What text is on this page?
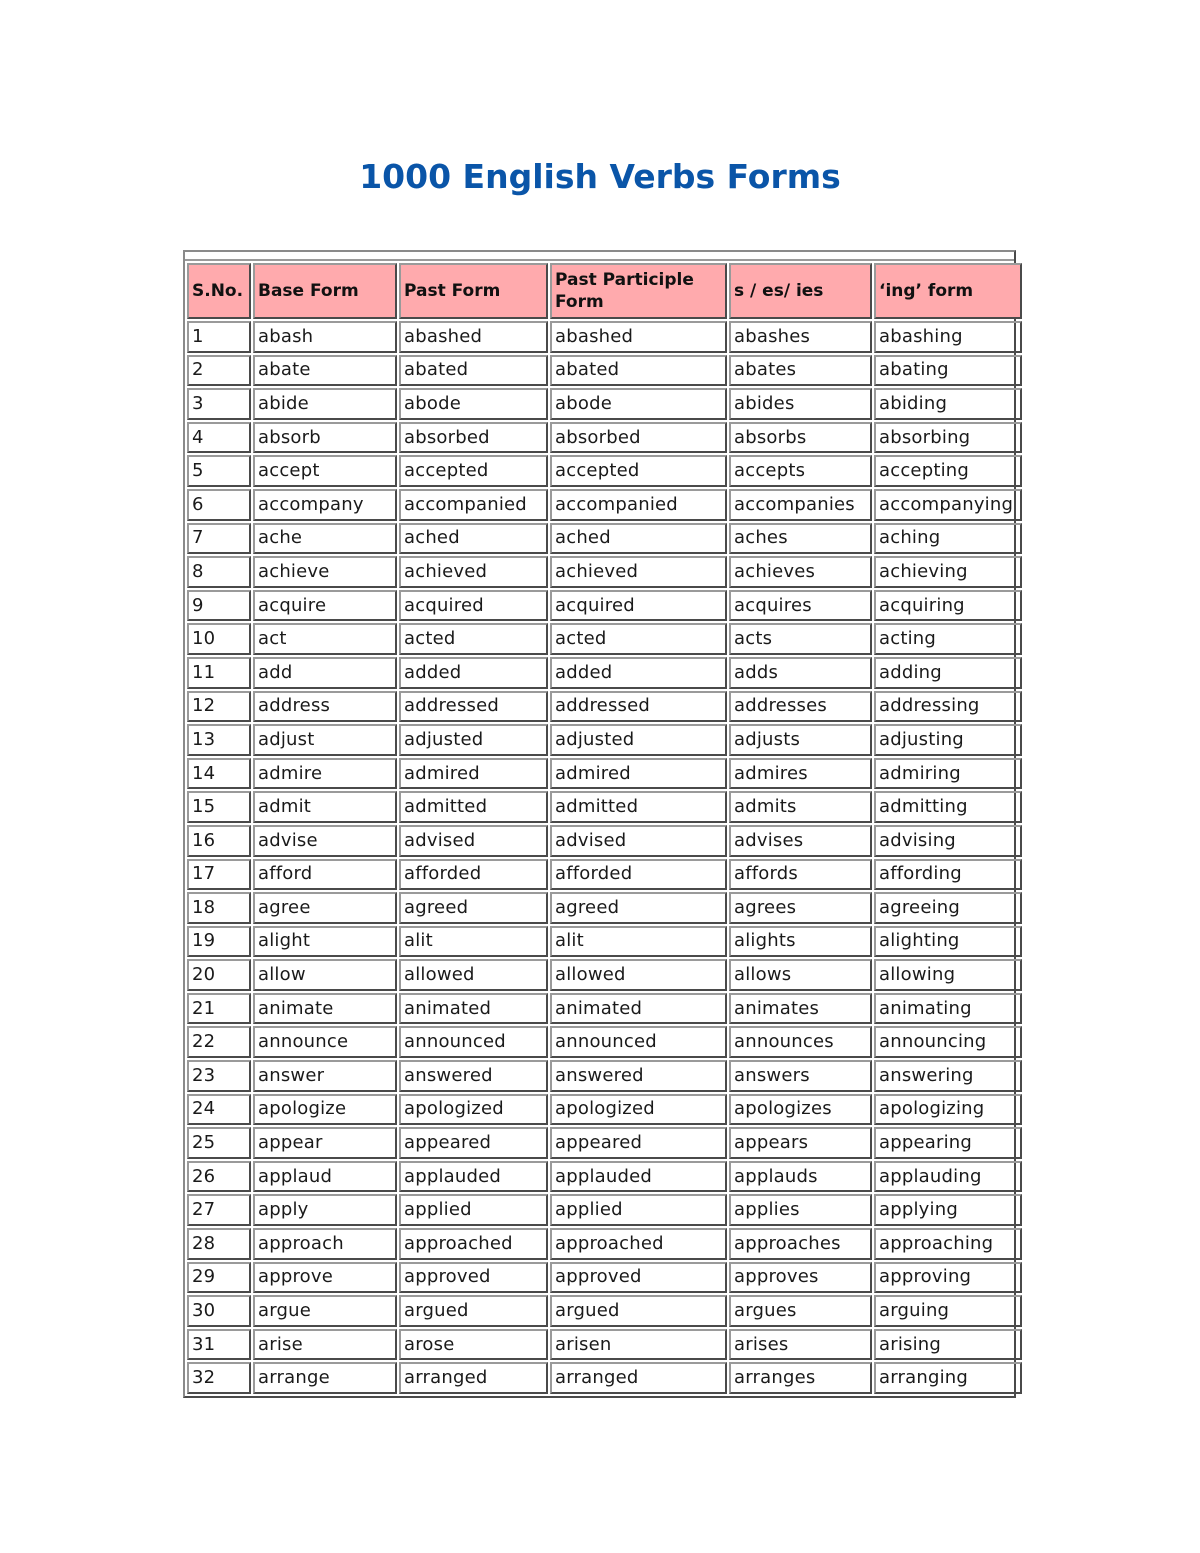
1000 English Verbs Forms
S.No.	Base Form	Past Form	Past Participle Form	s / es/ ies	‘ing’ form
1	abash	abashed	abashed	abashes	abashing
2	abate	abated	abated	abates	abating
3	abide	abode	abode	abides	abiding
4	absorb	absorbed	absorbed	absorbs	absorbing
5	accept	accepted	accepted	accepts	accepting
6	accompany	accompanied	accompanied	accompanies	accompanying
7	ache	ached	ached	aches	aching
8	achieve	achieved	achieved	achieves	achieving
9	acquire	acquired	acquired	acquires	acquiring
10	act	acted	acted	acts	acting
11	add	added	added	adds	adding
12	address	addressed	addressed	addresses	addressing
13	adjust	adjusted	adjusted	adjusts	adjusting
14	admire	admired	admired	admires	admiring
15	admit	admitted	admitted	admits	admitting
16	advise	advised	advised	advises	advising
17	afford	afforded	afforded	affords	affording
18	agree	agreed	agreed	agrees	agreeing
19	alight	alit	alit	alights	alighting
20	allow	allowed	allowed	allows	allowing
21	animate	animated	animated	animates	animating
22	announce	announced	announced	announces	announcing
23	answer	answered	answered	answers	answering
24	apologize	apologized	apologized	apologizes	apologizing
25	appear	appeared	appeared	appears	appearing
26	applaud	applauded	applauded	applauds	applauding
27	apply	applied	applied	applies	applying
28	approach	approached	approached	approaches	approaching
29	approve	approved	approved	approves	approving
30	argue	argued	argued	argues	arguing
31	arise	arose	arisen	arises	arising
32	arrange	arranged	arranged	arranges	arranging
